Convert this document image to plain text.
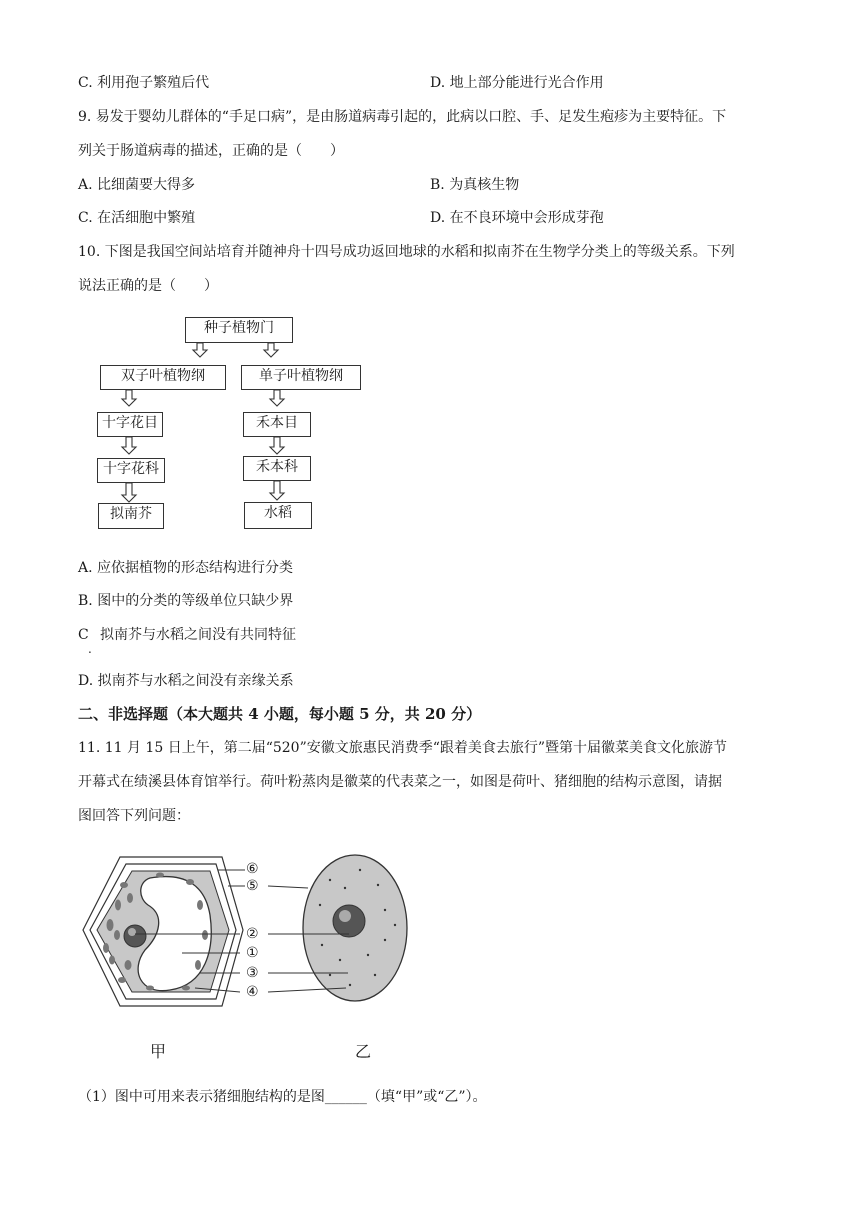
C. 利用孢子繁殖后代	D. 地上部分能进行光合作用
9. 易发于婴幼儿群体的“手足口病”，是由肠道病毒引起的，此病以口腔、手、足发生疱疹为主要特征。下
列关于肠道病毒的描述，正确的是（　　）
A. 比细菌要大得多	B. 为真核生物
C. 在活细胞中繁殖	D. 在不良环境中会形成芽孢
10. 下图是我国空间站培育并随神舟十四号成功返回地球的水稻和拟南芥在生物学分类上的等级关系。下列
说法正确的是（　　）
种子植物门
双子叶植物纲	单子叶植物纲
十字花目	禾本目
十字花科	禾本科
拟南芥	水稻
A. 应依据植物的形态结构进行分类
B. 图中的分类的等级单位只缺少界
C
.
拟南芥与水稻之间没有共同特征
D. 拟南芥与水稻之间没有亲缘关系
二、非选择题（本大题共 4 小题，每小题 5 分，共 20 分）
11. 11 月 15 日上午，第二届“520”安徽文旅惠民消费季“跟着美食去旅行”暨第十届徽菜美食文化旅游节
开幕式在绩溪县体育馆举行。荷叶粉蒸肉是徽菜的代表菜之一，如图是荷叶、猪细胞的结构示意图，请据
图回答下列问题：
⑥
⑤
②
①
③
④
甲	乙
（1）图中可用来表示猪细胞结构的是图______（填“甲”或“乙”）。
